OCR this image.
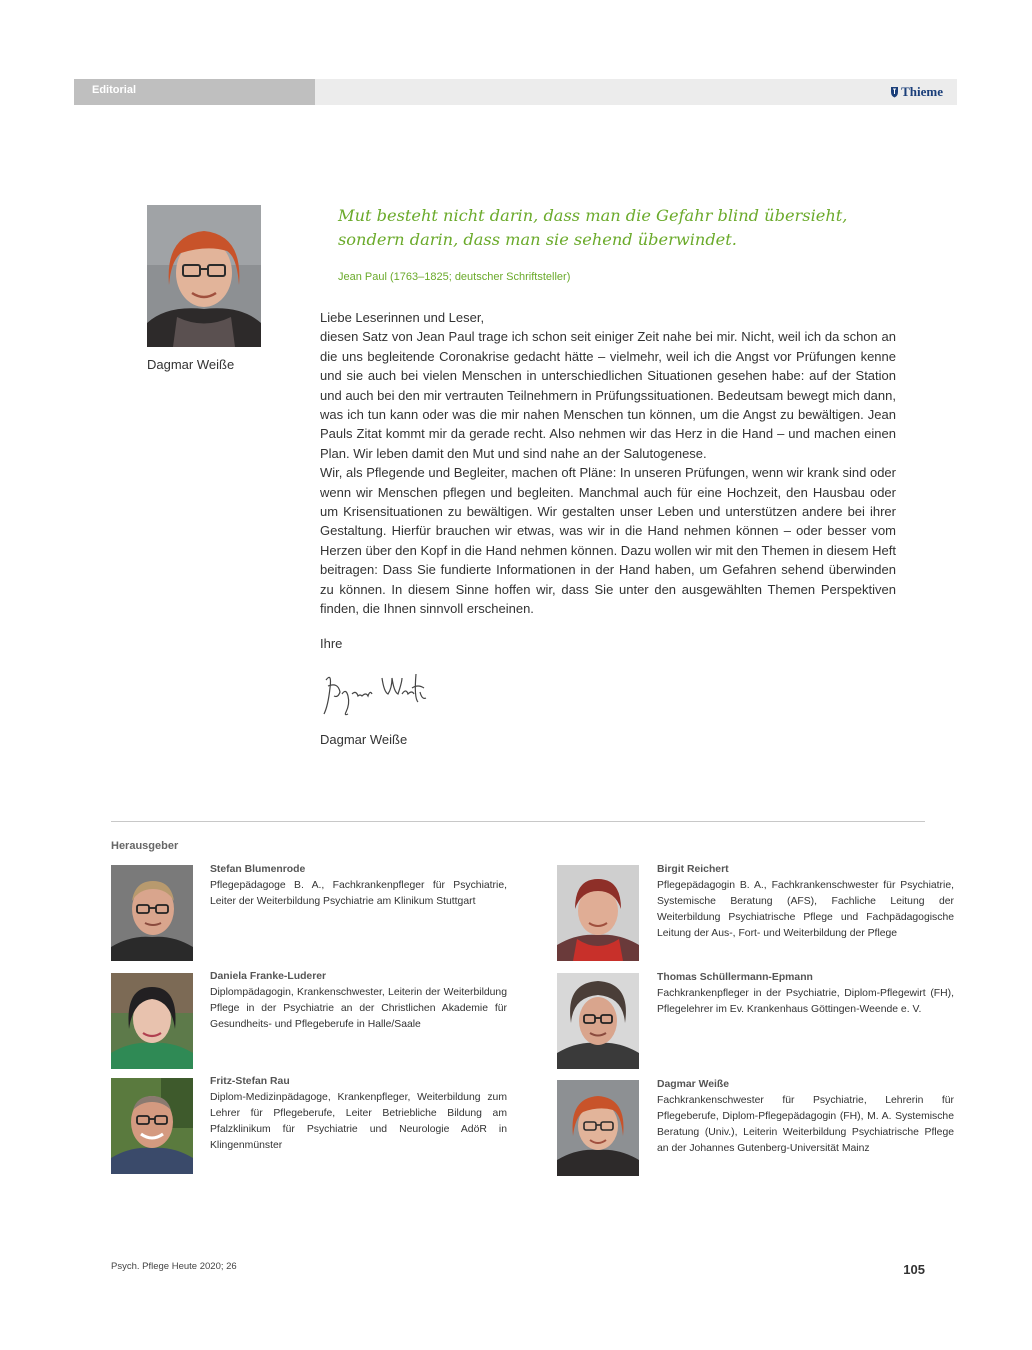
Editorial	Thieme
Dagmar Weiße

Mut besteht nicht darin, dass man die Gefahr blind übersieht,
sondern darin, dass man sie sehend überwindet.

Jean Paul (1763–1825; deutscher Schriftsteller)

Liebe Leserinnen und Leser,

diesen Satz von Jean Paul trage ich schon seit einiger Zeit nahe bei mir. Nicht, weil ich da schon an die uns begleitende Coronakrise gedacht hätte – vielmehr, weil ich die Angst vor Prüfungen kenne und sie auch bei vielen Menschen in unterschiedlichen Situationen gesehen habe: auf der Station und auch bei den mir vertrauten Teilnehmern in Prüfungssituationen. Bedeutsam bewegt mich dann, was ich tun kann oder was die mir nahen Menschen tun können, um die Angst zu bewältigen. Jean Pauls Zitat kommt mir da gerade recht. Also nehmen wir das Herz in die Hand – und machen einen Plan. Wir leben damit den Mut und sind nahe an der Salutogenese.

Wir, als Pflegende und Begleiter, machen oft Pläne: In unseren Prüfungen, wenn wir krank sind oder wenn wir Menschen pflegen und begleiten. Manchmal auch für eine Hochzeit, den Hausbau oder um Krisensituationen zu bewältigen. Wir gestalten unser Leben und unterstützen andere bei ihrer Gestaltung. Hierfür brauchen wir etwas, was wir in die Hand nehmen können – oder besser vom Herzen über den Kopf in die Hand nehmen können. Dazu wollen wir mit den Themen in diesem Heft beitragen: Dass Sie fundierte Informationen in der Hand haben, um Gefahren sehend überwinden zu können. In diesem Sinne hoffen wir, dass Sie unter den ausgewählten Themen Perspektiven finden, die Ihnen sinnvoll erscheinen.

Ihre
Dagmar Weiße
Dagmar Weiße
Herausgeber
Stefan Blumenrode
Pflegepädagoge B. A., Fachkrankenpfleger für Psychiatrie, Leiter der Weiterbildung Psychiatrie am Klinikum Stuttgart
Daniela Franke-Luderer
Diplompädagogin, Krankenschwester, Leiterin der Weiterbildung Pflege in der Psychiatrie an der Christlichen Akademie für Gesundheits- und Pflegeberufe in Halle/Saale
Fritz-Stefan Rau
Diplom-Medizinpädagoge, Krankenpfleger, Weiterbildung zum Lehrer für Pflegeberufe, Leiter Betriebliche Bildung am Pfalzklinikum für Psychiatrie und Neurologie AdöR in Klingenmünster
Birgit Reichert
Pflegepädagogin B. A., Fachkrankenschwester für Psychiatrie, Systemische Beratung (AFS), Fachliche Leitung der Weiterbildung Psychiatrische Pflege und Fachpädagogische Leitung der Aus-, Fort- und Weiterbildung der Pflege
Thomas Schüllermann-Epmann
Fachkrankenpfleger in der Psychiatrie, Diplom-Pflegewirt (FH), Pflegelehrer im Ev. Krankenhaus Göttingen-Weende e. V.
Dagmar Weiße
Fachkrankenschwester für Psychiatrie, Lehrerin für Pflegeberufe, Diplom-Pflegepädagogin (FH), M. A. Systemische Beratung (Univ.), Leiterin Weiterbildung Psychiatrische Pflege an der Johannes Gutenberg-Universität Mainz
Psych. Pflege Heute 2020; 26	105
